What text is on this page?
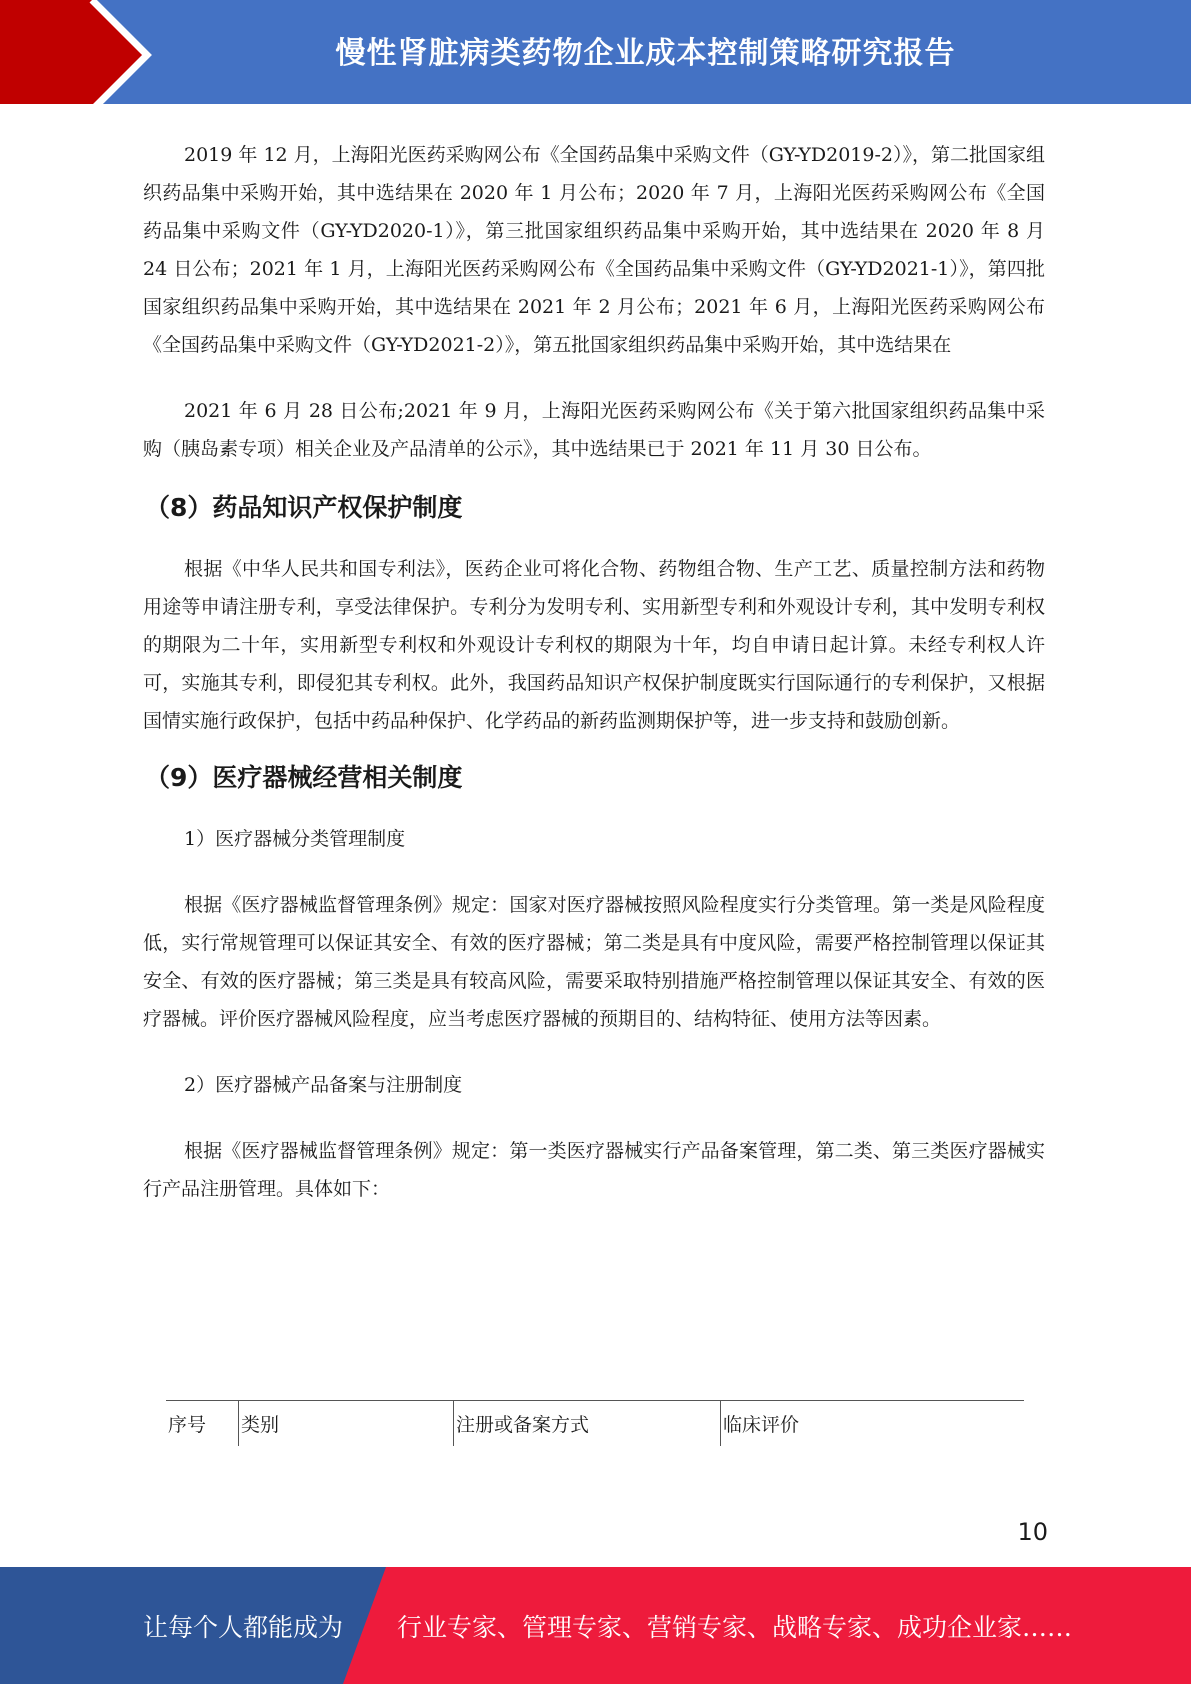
慢性肾脏病类药物企业成本控制策略研究报告

2019 年 12 月，上海阳光医药采购网公布《全国药品集中采购文件（GY-YD2019-2）》，第二批国家组织药品集中采购开始，其中选结果在 2020 年 1 月公布；2020 年 7 月，上海阳光医药采购网公布《全国药品集中采购文件（GY-YD2020-1）》，第三批国家组织药品集中采购开始，其中选结果在 2020 年 8 月 24 日公布；2021 年 1 月，上海阳光医药采购网公布《全国药品集中采购文件（GY-YD2021-1）》，第四批国家组织药品集中采购开始，其中选结果在 2021 年 2 月公布；2021 年 6 月，上海阳光医药采购网公布《全国药品集中采购文件（GY-YD2021-2）》，第五批国家组织药品集中采购开始，其中选结果在

2021 年 6 月 28 日公布;2021 年 9 月，上海阳光医药采购网公布《关于第六批国家组织药品集中采购（胰岛素专项）相关企业及产品清单的公示》，其中选结果已于 2021 年 11 月 30 日公布。

（8）药品知识产权保护制度

根据《中华人民共和国专利法》，医药企业可将化合物、药物组合物、生产工艺、质量控制方法和药物用途等申请注册专利，享受法律保护。专利分为发明专利、实用新型专利和外观设计专利，其中发明专利权的期限为二十年，实用新型专利权和外观设计专利权的期限为十年，均自申请日起计算。未经专利权人许可，实施其专利，即侵犯其专利权。此外，我国药品知识产权保护制度既实行国际通行的专利保护，又根据国情实施行政保护，包括中药品种保护、化学药品的新药监测期保护等，进一步支持和鼓励创新。

（9）医疗器械经营相关制度

1）医疗器械分类管理制度

根据《医疗器械监督管理条例》规定：国家对医疗器械按照风险程度实行分类管理。第一类是风险程度低，实行常规管理可以保证其安全、有效的医疗器械；第二类是具有中度风险，需要严格控制管理以保证其安全、有效的医疗器械；第三类是具有较高风险，需要采取特别措施严格控制管理以保证其安全、有效的医疗器械。评价医疗器械风险程度，应当考虑医疗器械的预期目的、结构特征、使用方法等因素。

2）医疗器械产品备案与注册制度

根据《医疗器械监督管理条例》规定：第一类医疗器械实行产品备案管理，第二类、第三类医疗器械实行产品注册管理。具体如下：

序号	类别	注册或备案方式	临床评价
10
让每个人都能成为 行业专家、管理专家、营销专家、战略专家、成功企业家……
